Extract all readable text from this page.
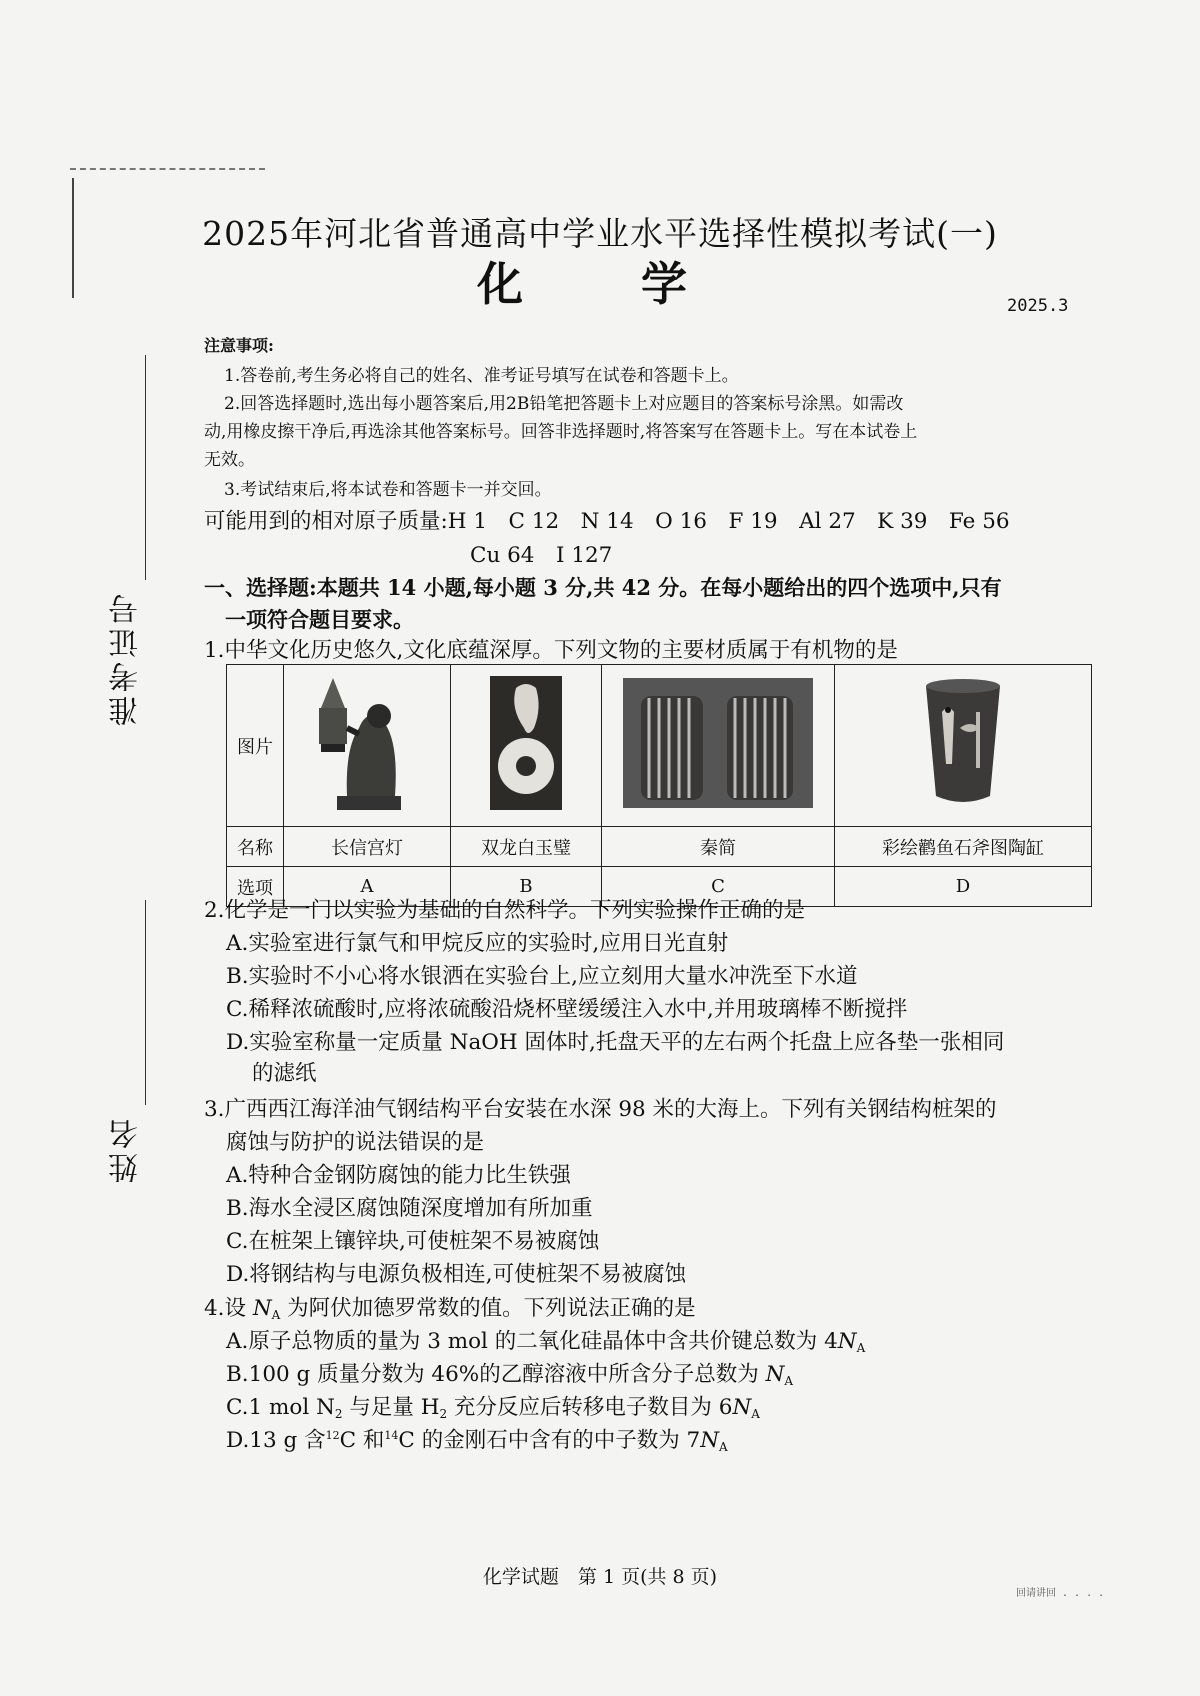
准考证号
姓名
2025年河北省普通高中学业水平选择性模拟考试(一)
化　学	2025.3
注意事项:
1.答卷前,考生务必将自己的姓名、准考证号填写在试卷和答题卡上。
2.回答选择题时,选出每小题答案后,用2B铅笔把答题卡上对应题目的答案标号涂黑。如需改
动,用橡皮擦干净后,再选涂其他答案标号。回答非选择题时,将答案写在答题卡上。写在本试卷上
无效。
3.考试结束后,将本试卷和答题卡一并交回。
可能用到的相对原子质量:H 1　C 12　N 14　O 16　F 19　Al 27　K 39　Fe 56
Cu 64　I 127
一、选择题:本题共 14 小题,每小题 3 分,共 42 分。在每小题给出的四个选项中,只有
一项符合题目要求。
1.中华文化历史悠久,文化底蕴深厚。下列文物的主要材质属于有机物的是
图片				
名称	长信宫灯	双龙白玉璧	秦简	彩绘鹳鱼石斧图陶缸
选项	A	B	C	D
2.化学是一门以实验为基础的自然科学。下列实验操作正确的是
A.实验室进行氯气和甲烷反应的实验时,应用日光直射
B.实验时不小心将水银洒在实验台上,应立刻用大量水冲洗至下水道
C.稀释浓硫酸时,应将浓硫酸沿烧杯壁缓缓注入水中,并用玻璃棒不断搅拌
D.实验室称量一定质量 NaOH 固体时,托盘天平的左右两个托盘上应各垫一张相同
的滤纸
3.广西西江海洋油气钢结构平台安装在水深 98 米的大海上。下列有关钢结构桩架的
腐蚀与防护的说法错误的是
A.特种合金钢防腐蚀的能力比生铁强
B.海水全浸区腐蚀随深度增加有所加重
C.在桩架上镶锌块,可使桩架不易被腐蚀
D.将钢结构与电源负极相连,可使桩架不易被腐蚀
4.设 $N_A$ 为阿伏加德罗常数的值。下列说法正确的是
A.原子总物质的量为 3 mol 的二氧化硅晶体中含共价键总数为 $4N_A$
B.100 g 质量分数为 46%的乙醇溶液中所含分子总数为 $N_A$
C.1 mol $N_2$ 与足量 $H_2$ 充分反应后转移电子数目为 $6N_A$
D.13 g 含$^{12}$C 和$^{14}$C 的金刚石中含有的中子数为 $7N_A$
化学试题　第 1 页(共 8 页)
回请讲回 . . . .
